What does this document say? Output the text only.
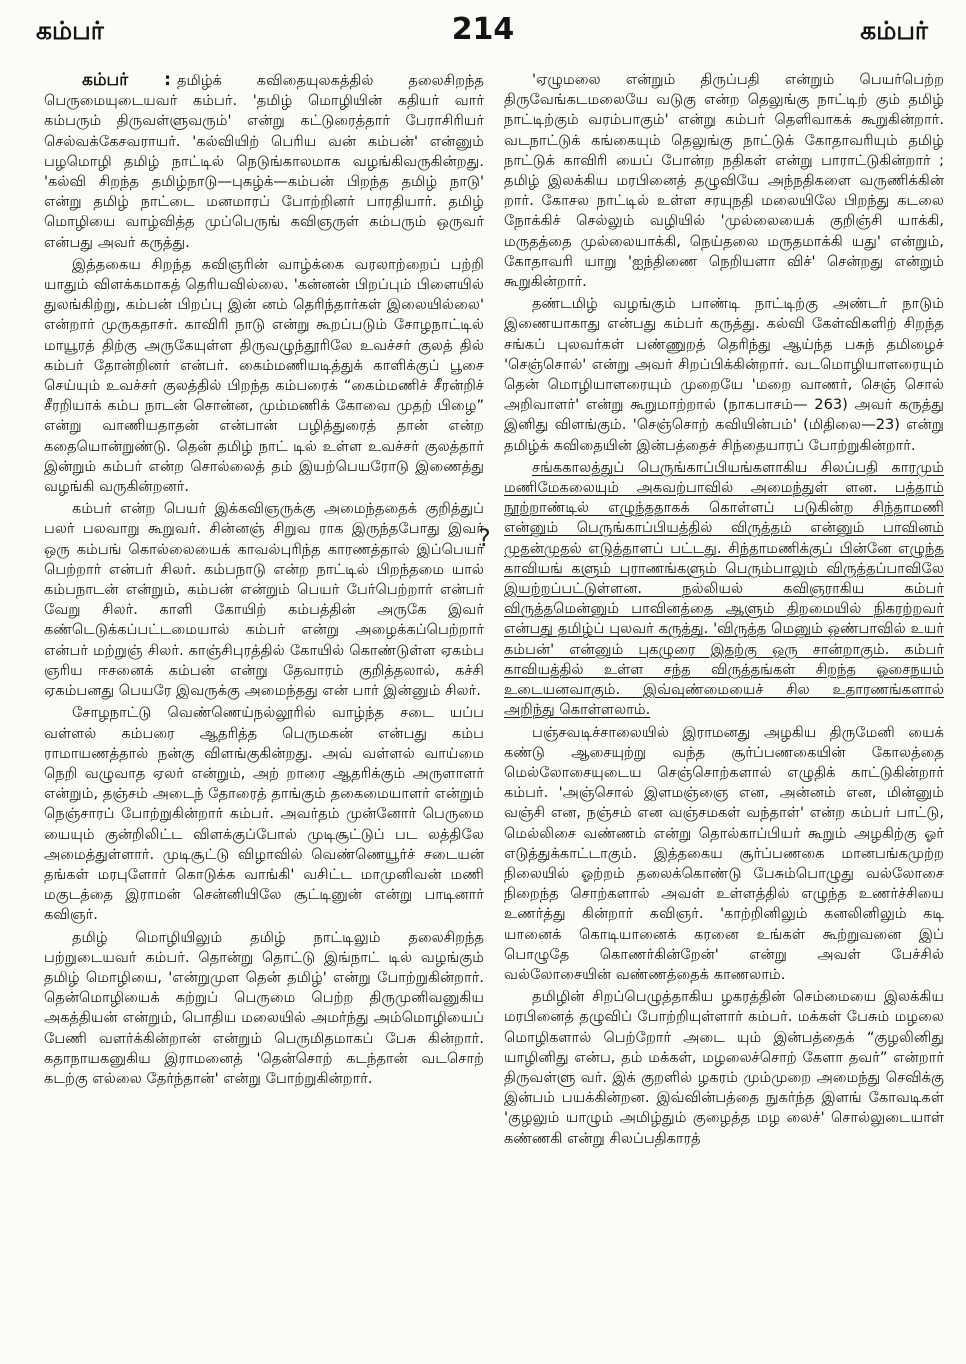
கம்பர்	214	கம்பர்

கம்பர் : தமிழ்க் கவிதையுலகத்தில் தலைசிறந்த பெருமையுடையவர் கம்பர். 'தமிழ் மொழியின் கதியர் வார் கம்பரும் திருவள்ளுவரும்' என்று கட்டுரைத்தார் பேராசிரியர் செல்வக்கேசவராயர். 'கல்வியிற் பெரிய வன் கம்பன்' என்னும் பழமொழி தமிழ் நாட்டில் நெடுங்காலமாக வழங்கிவருகின்றது. 'கல்வி சிறந்த தமிழ்நாடு—புகழ்க்—கம்பன் பிறந்த தமிழ் நாடு' என்று தமிழ் நாட்டை மனமாரப் போற்றினர் பாரதியார். தமிழ் மொழியை வாழ்வித்த முப்பெருங் கவிஞருள் கம்பரும் ஒருவர் என்பது அவர் கருத்து.

இத்தகைய சிறந்த கவிஞரின் வாழ்க்கை வரலாற்றைப் பற்றி யாதும் விளக்கமாகத் தெரியவில்லை. 'கன்னன் பிறப்பும் பிளையில் துலங்கிற்று, கம்பன் பிறப்பு இன் னம் தெரிந்தார்கள் இலையில்லை' என்றார் முருகதாசர். காவிரி நாடு என்று கூறப்படும் சோழநாட்டில் மாயூரத் திற்கு அருகேயுள்ள திருவழுந்தூரிலே உவச்சர் குலத் தில் கம்பர் தோன்றினர் என்பர். கைம்மணியடித்துக் காளிக்குப் பூசை செய்யும் உவச்சர் குலத்தில் பிறந்த கம்பரைக் “கைம்மணிச் சீரன்றிச் சீரறியாக் கம்ப நாடன் சொன்ன, மும்மணிக் கோவை முதற் பிழை” என்று வாணியதாதன் என்பான் பழித்துரைத் தான் என்ற கதையொன்றுண்டு. தென் தமிழ் நாட் டில் உள்ள உவச்சர் குலத்தார் இன்றும் கம்பர் என்ற சொல்லைத் தம் இயற்பெயரோடு இணைத்து வழங்கி வருகின்றனர்.

கம்பர் என்ற பெயர் இக்கவிஞருக்கு அமைந்ததைக் குறித்துப் பலர் பலவாறு கூறுவர். சின்னஞ் சிறுவ ராக இருந்தபோது இவர் ஒரு கம்பங் கொல்லையைக் காவல்புரிந்த காரணத்தால் இப்பெயர் பெற்றார் என்பர் சிலர். கம்பநாடு என்ற நாட்டில் பிறந்தமை யால் கம்பநாடன் என்றும், கம்பன் என்றும் பெயர் பேர்பெற்றார் என்பர் வேறு சிலர். காளி கோயிற் கம்பத்தின் அருகே இவர் கண்டெடுக்கப்பட்டமையால் கம்பர் என்று அழைக்கப்பெற்றார் என்பர் மற்றுஞ் சிலர். காஞ்சிபுரத்தில் கோயில் கொண்டுள்ள ஏகம்ப ஞரிய ஈசனைக் கம்பன் என்று தேவாரம் குறித்தலால், கச்சி ஏகம்பனது பெயரே இவருக்கு அமைந்தது என் பார் இன்னும் சிலர்.

சோழநாட்டு வெண்ணெய்நல்லூரில் வாழ்ந்த சடை யப்ப வள்ளல் கம்பரை ஆதரித்த பெருமகன் என்பது கம்ப ராமாயணத்தால் நன்கு விளங்குகின்றது. அவ் வள்ளல் வாய்மை நெறி வழுவாத ஏலர் என்றும், அற் றாரை ஆதரிக்கும் அருளாளர் என்றும், தஞ்சம் அடைந் தோரைத் தாங்கும் தகைமையாளர் என்றும் நெஞ்சாரப் போற்றுகின்றார் கம்பர். அவர்தம் முன்னோர் பெருமை யையும் குன்றிலிட்ட விளக்குப்போல் முடிசூட்டுப் பட லத்திலே அமைத்துள்ளார். முடிசூட்டு விழாவில் வெண்ணெயூர்ச் சடையன் தங்கள் மரபுளோர் கொடுக்க வாங்கி' வசிட்ட மாமுனிவன் மணி மகுடத்தை இராமன் சென்னியிலே சூட்டினுன் என்று பாடினார் கவிஞர்.

தமிழ் மொழியிலும் தமிழ் நாட்டிலும் தலைசிறந்த பற்றுடையவர் கம்பர். தொன்று தொட்டு இங்நாட் டில் வழங்கும் தமிழ் மொழியை, 'என்றுமுள தென் தமிழ்' என்று போற்றுகின்றார். தென்மொழியைக் கற்றுப் பெருமை பெற்ற திருமுனிவனுகிய அகத்தியன் என்றும், பொதிய மலையில் அமர்ந்து அம்மொழியைப் பேணி வளர்க்கின்றான் என்றும் பெருமிதமாகப் பேசு கின்றார். கதாநாயகனுகிய இராமனைத் 'தென்சொற் கடந்தான் வடசொற் கடற்கு எல்லை தேர்ந்தான்' என்று போற்றுகின்றார்.

'ஏழுமலை என்றும் திருப்பதி என்றும் பெயர்பெற்ற திருவேங்கடமலையே வடுகு என்ற தெலுங்கு நாட்டிற் கும் தமிழ் நாட்டிற்கும் வரம்பாகும்' என்று கம்பர் தெளிவாகக் கூறுகின்றார். வடநாட்டுக் கங்கையும் தெலுங்கு நாட்டுக் கோதாவரியும் தமிழ் நாட்டுக் காவிரி யைப் போன்ற நதிகள் என்று பாராட்டுகின்றார் ; தமிழ் இலக்கிய மரபினைத் தழுவியே அந்நதிகளை வருணிக்கின் றார். கோசல நாட்டில் உள்ள சரயுநதி மலையிலே பிறந்து கடலை நோக்கிச் செல்லும் வழியில் 'முல்லையைக் குறிஞ்சி யாக்கி, மருதத்தை முல்லையாக்கி, நெய்தலை மருதமாக்கி யது' என்றும், கோதாவரி யாறு 'ஐந்திணை நெறியளா விச்' சென்றது என்றும் கூறுகின்றார்.

தண்டமிழ் வழங்கும் பாண்டி நாட்டிற்கு அண்டர் நாடும் இணையாகாது என்பது கம்பர் கருத்து. கல்வி கேள்விகளிற் சிறந்த சங்கப் புலவர்கள் பண்ணுறத் தெரிந்து ஆய்ந்த பசுந் தமிழைச் 'செஞ்சொல்' என்று அவர் சிறப்பிக்கின்றார். வடமொழியாளரையும் தென் மொழியாளரையும் முறையே 'மறை வாணர், செஞ் சொல் அறிவாளர்' என்று கூறுமாற்றால் (நாகபாசம்— 263) அவர் கருத்து இனிது விளங்கும். 'செஞ்சொற் கவியின்பம்' (மிதிலை—23) என்று தமிழ்க் கவிதையின் இன்பத்தைச் சிந்தையாரப் போற்றுகின்றார்.

சங்ககாலத்துப் பெருங்காப்பியங்களாகிய சிலப்பதி காரமும் மணிமேகலையும் அகவற்பாவில் அமைந்துள் ளன. பத்தாம் நூற்றாண்டில் எழுந்ததாகக் கொள்ளப் படுகின்ற சிந்தாமணி என்னும் பெருங்காப்பியத்தில் விருத்தம் என்னும் பாவினம் முதன்முதல் எடுத்தாளப் பட்டது. சிந்தாமணிக்குப் பின்னே எழுந்த காவியங் களும் புராணங்களும் பெரும்பாலும் விருத்தப்பாவிலே இயற்றப்பட்டுள்ளன. நல்லியல் கவிஞராகிய கம்பர் விருத்தமென்னும் பாவினத்தை ஆளும் திறமையில் நிகரற்றவர் என்பது தமிழ்ப் புலவர் கருத்து. 'விருத்த மெனும் ஒண்பாவில் உயர் கம்பன்' என்னும் புகழுரை இதற்கு ஒரு சான்றாகும். கம்பர் காவியத்தில் உள்ள சந்த விருத்தங்கள் சிறந்த ஓசைநயம் உடையனவாகும். இவ்வுண்மையைச் சில உதாரணங்களால் அறிந்து கொள்ளலாம்.

பஞ்சவடிச்சாலையில் இராமனது அழகிய திருமேனி யைக் கண்டு ஆசையுற்று வந்த சூர்ப்பணகையின் கோலத்தை மெல்லோசையுடைய செஞ்சொற்களால் எழுதிக் காட்டுகின்றார் கம்பர். 'அஞ்சொல் இளமஞ்ஞை என, அன்னம் என, மின்னும் வஞ்சி என, நஞ்சம் என வஞ்சமகள் வந்தாள்' என்ற கம்பர் பாட்டு, மெல்லிசை வண்ணம் என்று தொல்காப்பியர் கூறும் அழகிற்கு ஓர் எடுத்துக்காட்டாகும். இத்தகைய சூர்ப்பணகை மானபங்கமுற்ற நிலையில் ஓற்றம் தலைக்கொண்டு பேசும்பொழுது வல்லோசை நிறைந்த சொற்களால் அவள் உள்ளத்தில் எழுந்த உணர்ச்சியை உணர்த்து கின்றார் கவிஞர். 'காற்றினிலும் கனலினிலும் கடி யானைக் கொடியானைக் கரனை உங்கள் கூற்றுவனை இப் பொழுதே கொணர்கின்றேன்' என்று அவள் பேச்சில் வல்லோசையின் வண்ணத்தைக் காணலாம்.

தமிழின் சிறப்பெழுத்தாகிய ழகரத்தின் செம்மையை இலக்கிய மரபினைத் தழுவிப் போற்றியுள்ளார் கம்பர். மக்கள் பேசும் மழலை மொழிகளால் பெற்றோர் அடை யும் இன்பத்தைக் “குழலினிது யாழினிது என்ப, தம் மக்கள், மழலைச்சொற் கேளா தவர்” என்றார் திருவள்ளு வர். இக் குறளில் ழகரம் மும்முறை அமைந்து செவிக்கு இன்பம் பயக்கின்றன. இவ்வின்பத்தை நுகர்ந்த இளங் கோவடிகள் 'குழலும் யாழும் அமிழ்தும் குழைத்த மழ லைச்' சொல்லுடையாள் கண்ணகி என்று சிலப்பதிகாரத்

?
